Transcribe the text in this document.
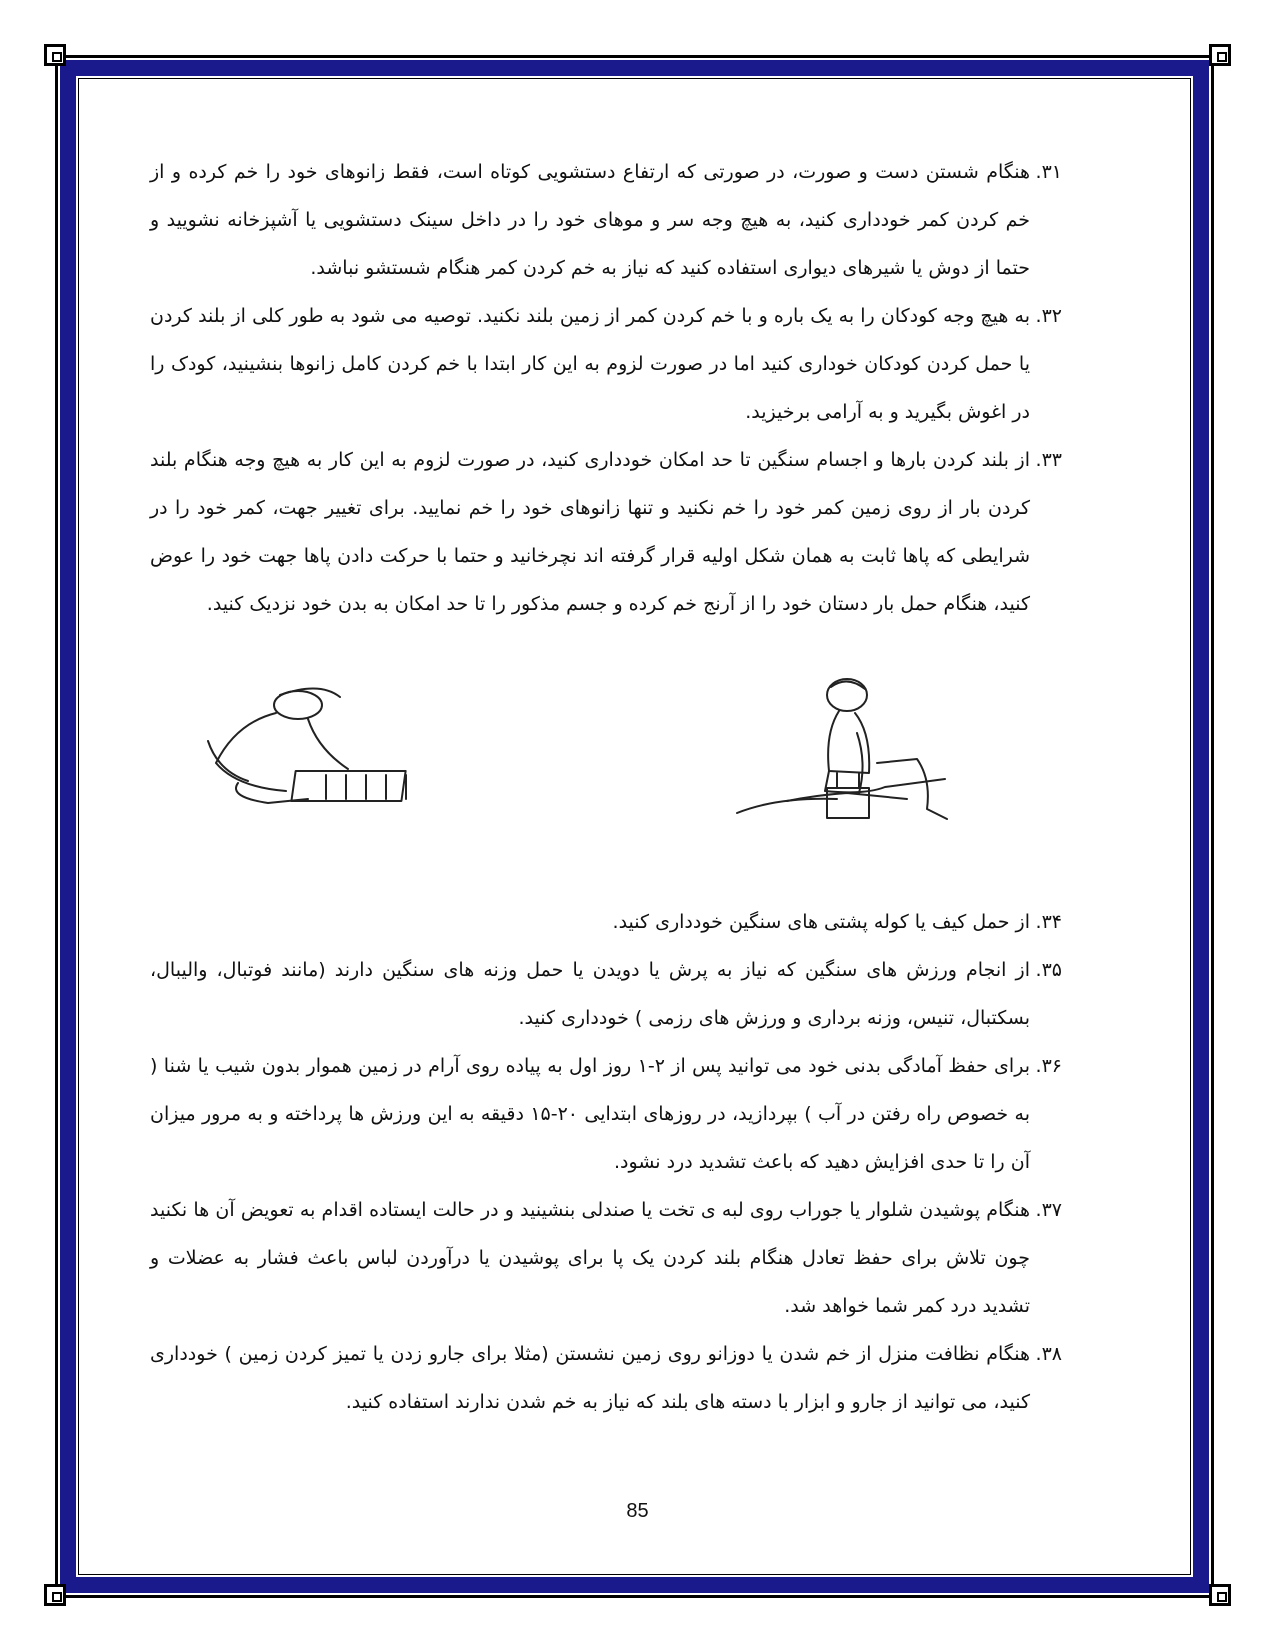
۳۱.
هنگام شستن دست و صورت، در صورتی که ارتفاع دستشویی کوتاه است، فقط زانوهای خود را خم کرده و از خم کردن کمر خودداری کنید، به هیچ وجه سر و موهای خود را در داخل سینک دستشویی یا آشپزخانه نشویید و حتما از دوش یا شیرهای دیواری استفاده کنید که نیاز به خم کردن کمر هنگام شستشو نباشد.
۳۲.
به هیچ وجه کودکان را به یک باره و با خم کردن کمر از زمین بلند نکنید. توصیه می شود به طور کلی از بلند کردن یا حمل کردن کودکان خوداری کنید اما در صورت لزوم به این کار ابتدا با خم کردن کامل زانوها بنشینید، کودک را در اغوش بگیرید و به آرامی برخیزید.
۳۳.
از بلند کردن بارها و اجسام سنگین تا حد امکان خودداری کنید، در صورت لزوم به این کار به هیچ وجه هنگام بلند کردن بار از روی زمین کمر خود را خم نکنید و تنها زانوهای خود را خم نمایید. برای تغییر جهت، کمر خود را در شرایطی که پاها ثابت به همان شکل اولیه قرار گرفته اند نچرخانید و حتما با حرکت دادن پاها جهت خود را عوض کنید، هنگام حمل بار دستان خود را از آرنج خم کرده و جسم مذکور را تا حد امکان به بدن خود نزدیک کنید.
۳۴.
از حمل کیف یا کوله پشتی های سنگین خودداری کنید.
۳۵.
از انجام ورزش های سنگین که نیاز به پرش یا دویدن یا حمل وزنه های سنگین دارند (مانند فوتبال، والیبال، بسکتبال، تنیس، وزنه برداری و ورزش های رزمی ) خودداری کنید.
۳۶.
برای حفظ آمادگی بدنی خود می توانید پس از ۲-۱ روز اول به پیاده روی آرام در زمین هموار بدون شیب یا شنا ( به خصوص راه رفتن در آب ) بپردازید، در روزهای ابتدایی ۲۰-۱۵ دقیقه به این ورزش ها پرداخته و به مرور میزان آن را تا حدی افزایش دهید که باعث تشدید درد نشود.
۳۷.
هنگام پوشیدن شلوار یا جوراب روی لبه ی تخت یا صندلی بنشینید و در حالت ایستاده اقدام به تعویض آن ها نکنید چون تلاش برای حفظ تعادل هنگام بلند کردن یک پا برای پوشیدن یا درآوردن لباس باعث فشار به عضلات و تشدید درد کمر شما خواهد شد.
۳۸.
هنگام نظافت منزل از خم شدن یا دوزانو روی زمین نشستن (مثلا برای جارو زدن یا تمیز کردن زمین ) خودداری کنید، می توانید از جارو و ابزار با دسته های بلند که نیاز به خم شدن ندارند استفاده کنید.
85
